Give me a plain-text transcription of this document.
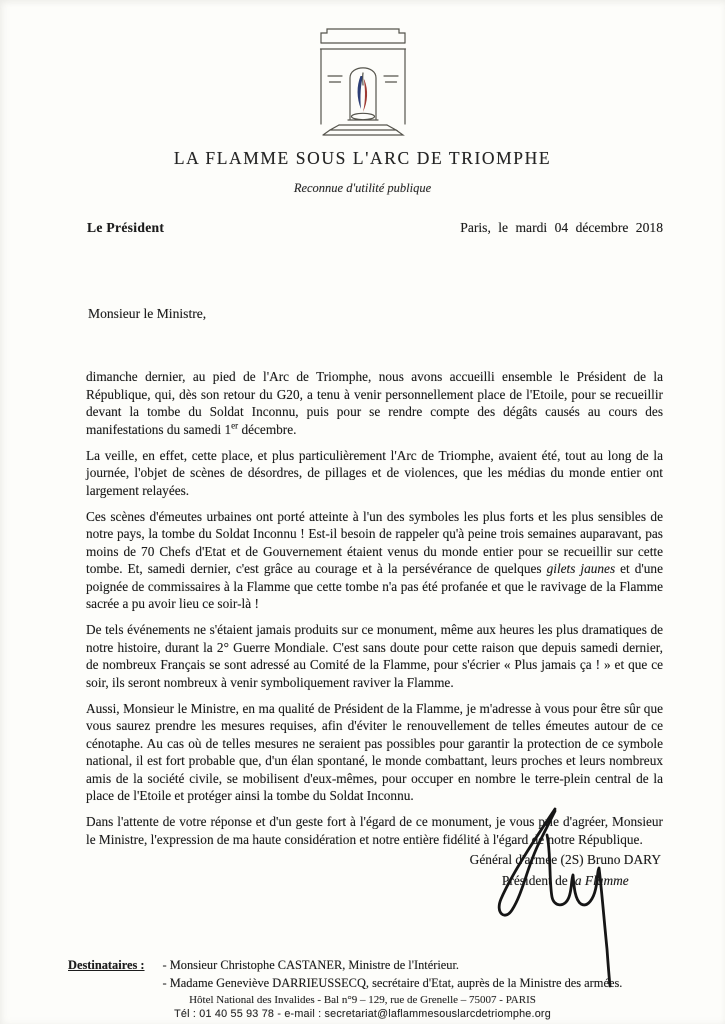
LA FLAMME SOUS L'ARC DE TRIOMPHE
Reconnue d'utilité publique
Le Président	Paris, le mardi 04 décembre 2018
Monsieur le Ministre,

dimanche dernier, au pied de l'Arc de Triomphe, nous avons accueilli ensemble le Président de la République, qui, dès son retour du G20, a tenu à venir personnellement place de l'Etoile, pour se recueillir devant la tombe du Soldat Inconnu, puis pour se rendre compte des dégâts causés au cours des manifestations du samedi 1er décembre.

La veille, en effet, cette place, et plus particulièrement l'Arc de Triomphe, avaient été, tout au long de la journée, l'objet de scènes de désordres, de pillages et de violences, que les médias du monde entier ont largement relayées.

Ces scènes d'émeutes urbaines ont porté atteinte à l'un des symboles les plus forts et les plus sensibles de notre pays, la tombe du Soldat Inconnu ! Est-il besoin de rappeler qu'à peine trois semaines auparavant, pas moins de 70 Chefs d'Etat et de Gouvernement étaient venus du monde entier pour se recueillir sur cette tombe. Et, samedi dernier, c'est grâce au courage et à la persévérance de quelques gilets jaunes et d'une poignée de commissaires à la Flamme que cette tombe n'a pas été profanée et que le ravivage de la Flamme sacrée a pu avoir lieu ce soir-là !

De tels événements ne s'étaient jamais produits sur ce monument, même aux heures les plus dramatiques de notre histoire, durant la 2° Guerre Mondiale. C'est sans doute pour cette raison que depuis samedi dernier, de nombreux Français se sont adressé au Comité de la Flamme, pour s'écrier « Plus jamais ça ! » et que ce soir, ils seront nombreux à venir symboliquement raviver la Flamme.

Aussi, Monsieur le Ministre, en ma qualité de Président de la Flamme, je m'adresse à vous pour être sûr que vous saurez prendre les mesures requises, afin d'éviter le renouvellement de telles émeutes autour de ce cénotaphe. Au cas où de telles mesures ne seraient pas possibles pour garantir la protection de ce symbole national, il est fort probable que, d'un élan spontané, le monde combattant, leurs proches et leurs nombreux amis de la société civile, se mobilisent d'eux-mêmes, pour occuper en nombre le terre-plein central de la place de l'Etoile et protéger ainsi la tombe du Soldat Inconnu.

Dans l'attente de votre réponse et d'un geste fort à l'égard de ce monument, je vous prie d'agréer, Monsieur le Ministre, l'expression de ma haute considération et notre entière fidélité à l'égard de notre République.

Général d'armée (2S) Bruno DARY
Président de la Flamme
Destinataires : - Monsieur Christophe CASTANER, Ministre de l'Intérieur.
- Madame Geneviève DARRIEUSSECQ, secrétaire d'Etat, auprès de la Ministre des armées.
Hôtel National des Invalides - Bal n°9 – 129, rue de Grenelle – 75007 - PARIS
Tél : 01 40 55 93 78 - e-mail : secretariat@laflammesouslarcdetriomphe.org
